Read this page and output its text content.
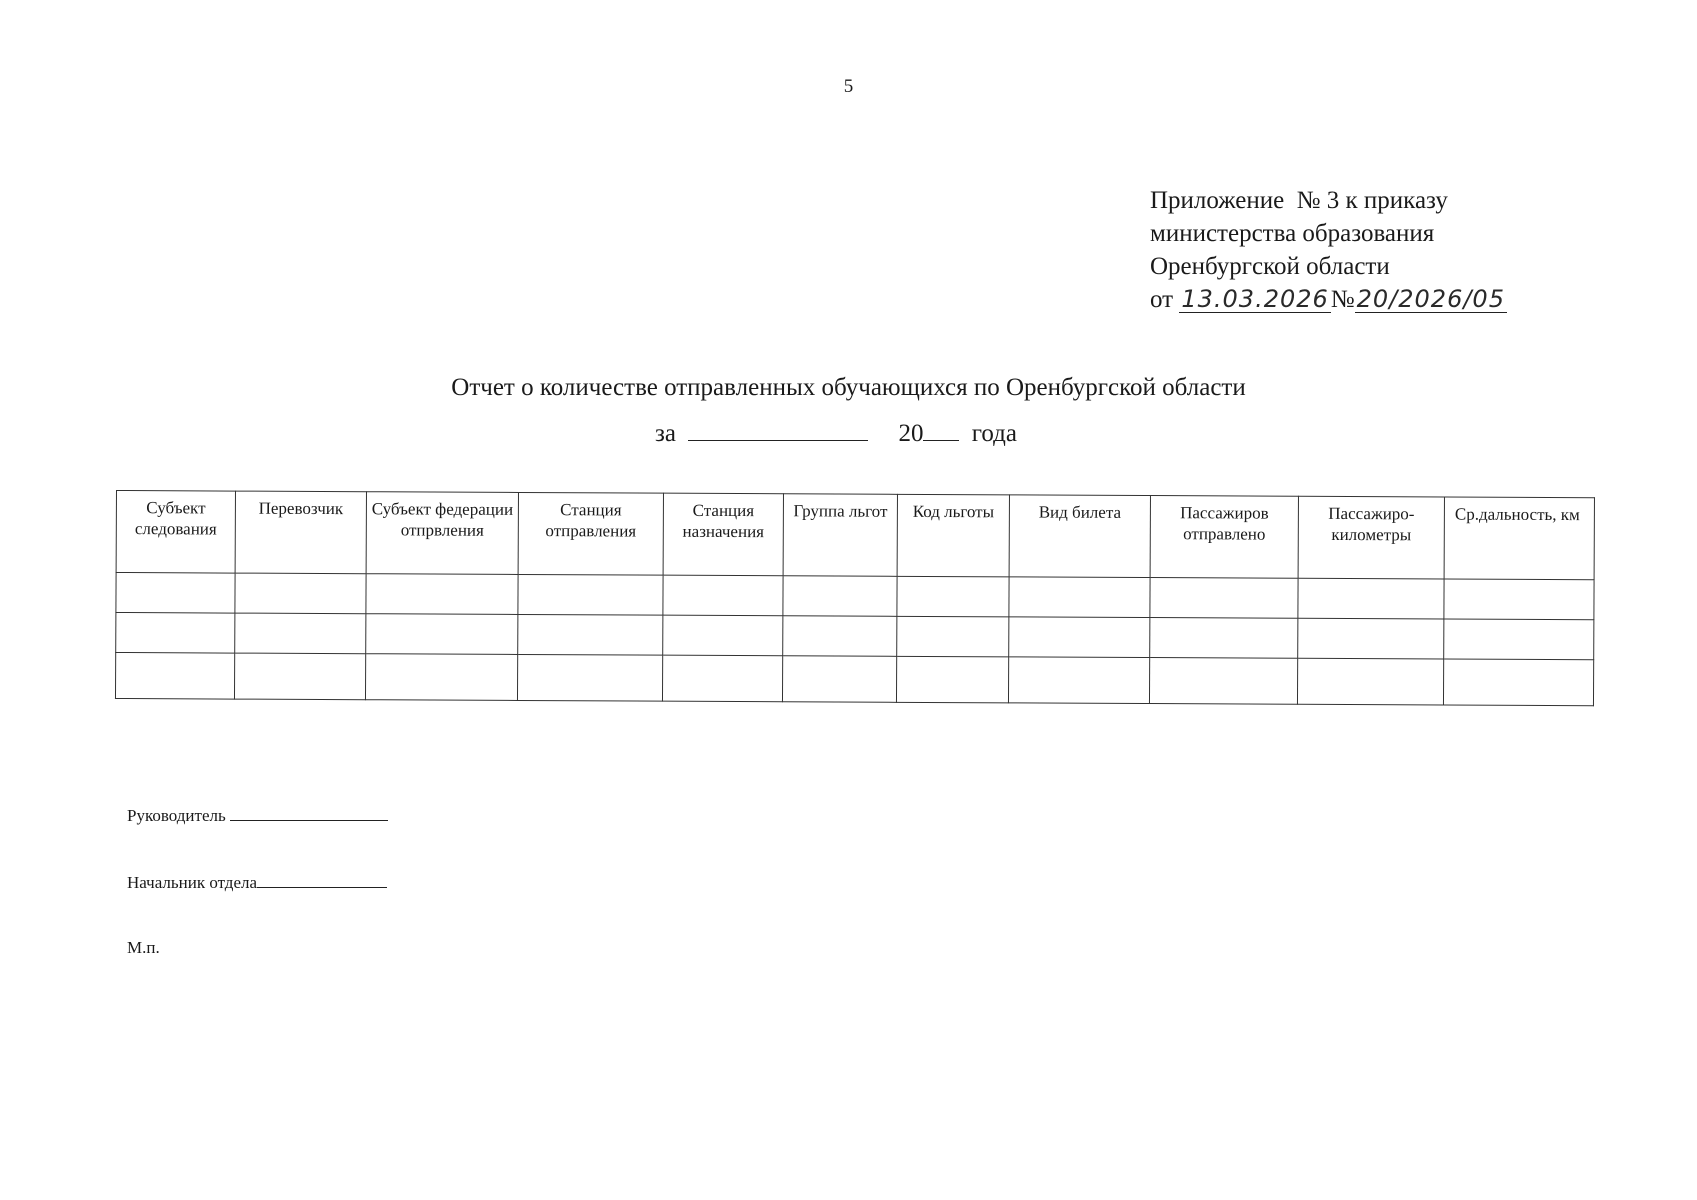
5
Приложение  № 3 к приказу
министерства образования
Оренбургской области
от 13.03.2026№20/2026/05
Отчет о количестве отправленных обучающихся по Оренбургской области
за	20 года
Субъект следования	Перевозчик	Субъект федерации отпрвления	Станция отправления	Станция назначения	Группа льгот	Код льготы	Вид билета	Пассажиров отправлено	Пассажиро-километры	Ср.дальность, км

Руководитель
Начальник отдела
М.п.
